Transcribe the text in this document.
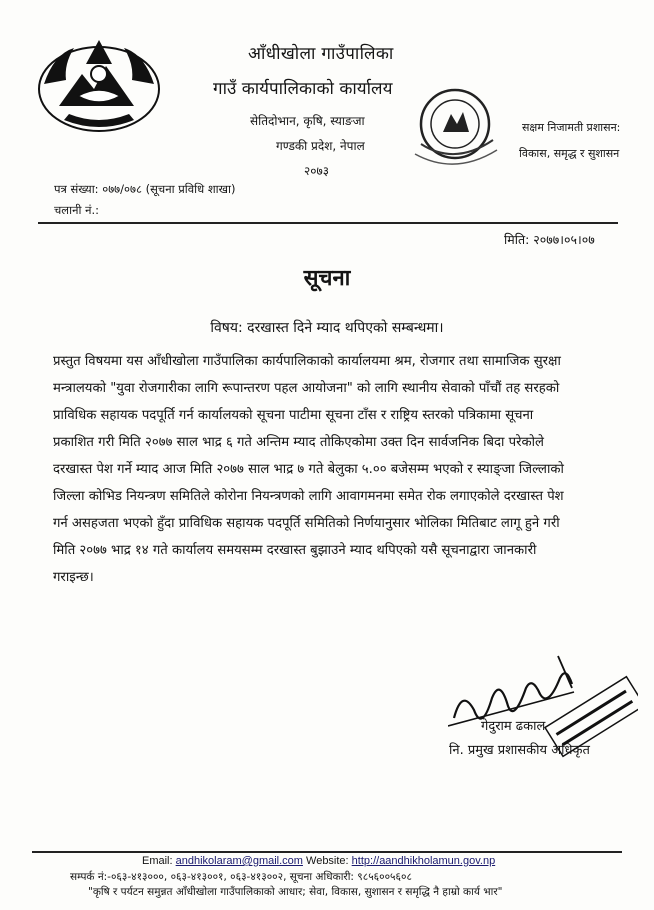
आँधीखोला गाउँपालिका
गाउँ कार्यपालिकाको कार्यालय
सेतिदोभान, कृषि, स्याङजा
गण्डकी प्रदेश, नेपाल
२०७३
सक्षम निजामती प्रशासन:
विकास, समृद्ध र सुशासन
पत्र संख्या: ०७७/०७८ (सूचना प्रविधि शाखा)
चलानी नं.:
मिति: २०७७।०५।०७
सूचना
विषय: दरखास्त दिने म्याद थपिएको सम्बन्धमा।
प्रस्तुत विषयमा यस आँधीखोला गाउँपालिका कार्यपालिकाको कार्यालयमा श्रम, रोजगार तथा सामाजिक सुरक्षा
मन्त्रालयको "युवा रोजगारीका लागि रूपान्तरण पहल आयोजना" को लागि स्थानीय सेवाको पाँचौं तह सरहको
प्राविधिक सहायक पदपूर्ति गर्न कार्यालयको सूचना पाटीमा सूचना टाँस र राष्ट्रिय स्तरको पत्रिकामा सूचना
प्रकाशित गरी मिति २०७७ साल भाद्र ६ गते अन्तिम म्याद तोकिएकोमा उक्त दिन सार्वजनिक बिदा परेकोले
दरखास्त पेश गर्ने म्याद आज मिति २०७७ साल भाद्र ७ गते बेलुका ५.०० बजेसम्म भएको र स्याङ्जा जिल्लाको
जिल्ला कोभिड नियन्त्रण समितिले कोरोना नियन्त्रणको लागि आवागमनमा समेत रोक लगाएकोले दरखास्त पेश
गर्न असहजता भएको हुँदा प्राविधिक सहायक पदपूर्ति समितिको निर्णयानुसार भोलिका मितिबाट लागू हुने गरी
मिति २०७७ भाद्र १४ गते कार्यालय समयसम्म दरखास्त बुझाउने म्याद थपिएको यसै सूचनाद्वारा जानकारी
गराइन्छ।
गेदुराम ढकाल
नि. प्रमुख प्रशासकीय अधिकृत
Email: andhikolaram@gmail.com Website: http://aandhikholamun.gov.np
सम्पर्क नं:-०६३-४१३०००, ०६३-४१३००१, ०६३-४१३००२, सूचना अधिकारी: ९८५६००५६०८
"कृषि र पर्यटन समुन्नत आँधीखोला गाउँपालिकाको आधार; सेवा, विकास, सुशासन र समृद्धि नै हाम्रो कार्य भार"
